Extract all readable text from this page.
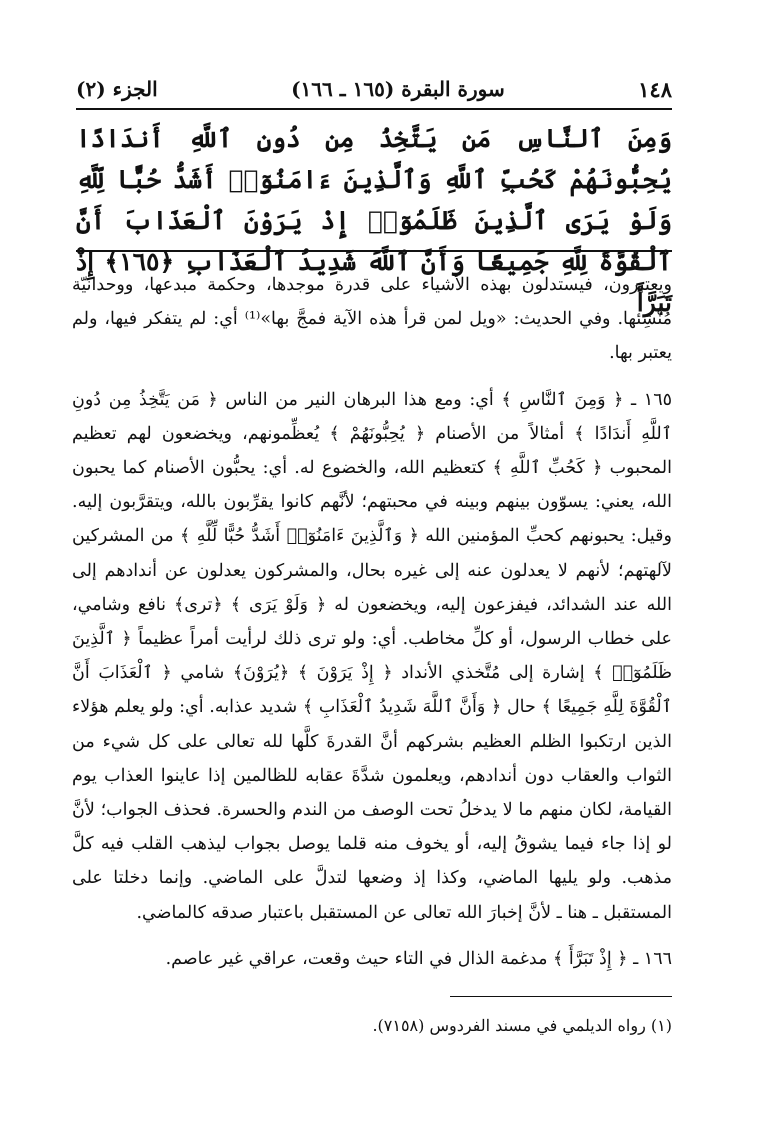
١٤٨
سورة البقرة (١٦٥ ـ ١٦٦)
الجزء (٢)
وَمِنَ ٱلنَّاسِ مَن يَتَّخِذُ مِن دُونِ ٱللَّهِ أَندَادًا يُحِبُّونَهُمْ كَحُبِّ ٱللَّهِ وَٱلَّذِينَ ءَامَنُوٓا۟ أَشَدُّ حُبًّا لِّلَّهِ وَلَوْ يَرَى ٱلَّذِينَ ظَلَمُوٓا۟ إِذْ يَرَوْنَ ٱلْعَذَابَ أَنَّ ٱلْقُوَّةَ لِلَّهِ جَمِيعًا وَأَنَّ ٱللَّهَ شَدِيدُ ٱلْعَذَابِ ﴿١٦٥﴾ إِذْ تَبَرَّأَ

ويعتبرون، فيستدلون بهذه الأشياء على قدرة موجدها، وحكمة مبدعها، ووحدانيّة مُنْشِئها. وفي الحديث: «ويل لمن قرأ هذه الآية فمجَّ بها»⁽¹⁾ أي: لم يتفكر فيها، ولم يعتبر بها.

١٦٥ ـ ﴿ وَمِنَ ٱلنَّاسِ ﴾ أي: ومع هذا البرهان النير من الناس ﴿ مَن يَتَّخِذُ مِن دُونِ ٱللَّهِ أَندَادًا ﴾ أمثالاً من الأصنام ﴿ يُحِبُّونَهُمْ ﴾ يُعظِّمونهم، ويخضعون لهم تعظيم المحبوب ﴿ كَحُبِّ ٱللَّهِ ﴾ كتعظيم الله، والخضوع له. أي: يحبُّون الأصنام كما يحبون الله، يعني: يسوّون بينهم وبينه في محبتهم؛ لأنَّهم كانوا يقرِّبون بالله، ويتقرَّبون إليه. وقيل: يحبونهم كحبِّ المؤمنين الله ﴿ وَٱلَّذِينَ ءَامَنُوٓا۟ أَشَدُّ حُبًّا لِّلَّهِ ﴾ من المشركين لآلهتهم؛ لأنهم لا يعدلون عنه إلى غيره بحال، والمشركون يعدلون عن أندادهم إلى الله عند الشدائد، فيفزعون إليه، ويخضعون له ﴿ وَلَوْ يَرَى ﴾ ﴿ترى﴾ نافع وشامي، على خطاب الرسول، أو كلِّ مخاطب. أي: ولو ترى ذلك لرأيت أمراً عظيماً ﴿ ٱلَّذِينَ ظَلَمُوٓا۟ ﴾ إشارة إلى مُتَّخذي الأنداد ﴿ إِذْ يَرَوْنَ ﴾ ﴿يُرَوْنَ﴾ شامي ﴿ ٱلْعَذَابَ أَنَّ ٱلْقُوَّةَ لِلَّهِ جَمِيعًا ﴾ حال ﴿ وَأَنَّ ٱللَّهَ شَدِيدُ ٱلْعَذَابِ ﴾ شديد عذابه. أي: ولو يعلم هؤلاء الذين ارتكبوا الظلم العظيم بشركهم أنَّ القدرةَ كلَّها لله تعالى على كل شيء من الثواب والعقاب دون أندادهم، ويعلمون شدَّةَ عقابه للظالمين إذا عاينوا العذاب يوم القيامة، لكان منهم ما لا يدخلُ تحت الوصف من الندم والحسرة. فحذف الجواب؛ لأنَّ لو إذا جاء فيما يشوقُ إليه، أو يخوف منه قلما يوصل بجواب ليذهب القلب فيه كلَّ مذهب. ولو يليها الماضي، وكذا إذ وضعها لتدلَّ على الماضي. وإنما دخلتا على المستقبل ـ هنا ـ لأنَّ إخبارَ الله تعالى عن المستقبل باعتبار صدقه كالماضي.

١٦٦ ـ ﴿ إِذْ تَبَرَّأَ ﴾ مدغمة الذال في التاء حيث وقعت، عراقي غير عاصم.

(١) رواه الديلمي في مسند الفردوس (٧١٥٨).
